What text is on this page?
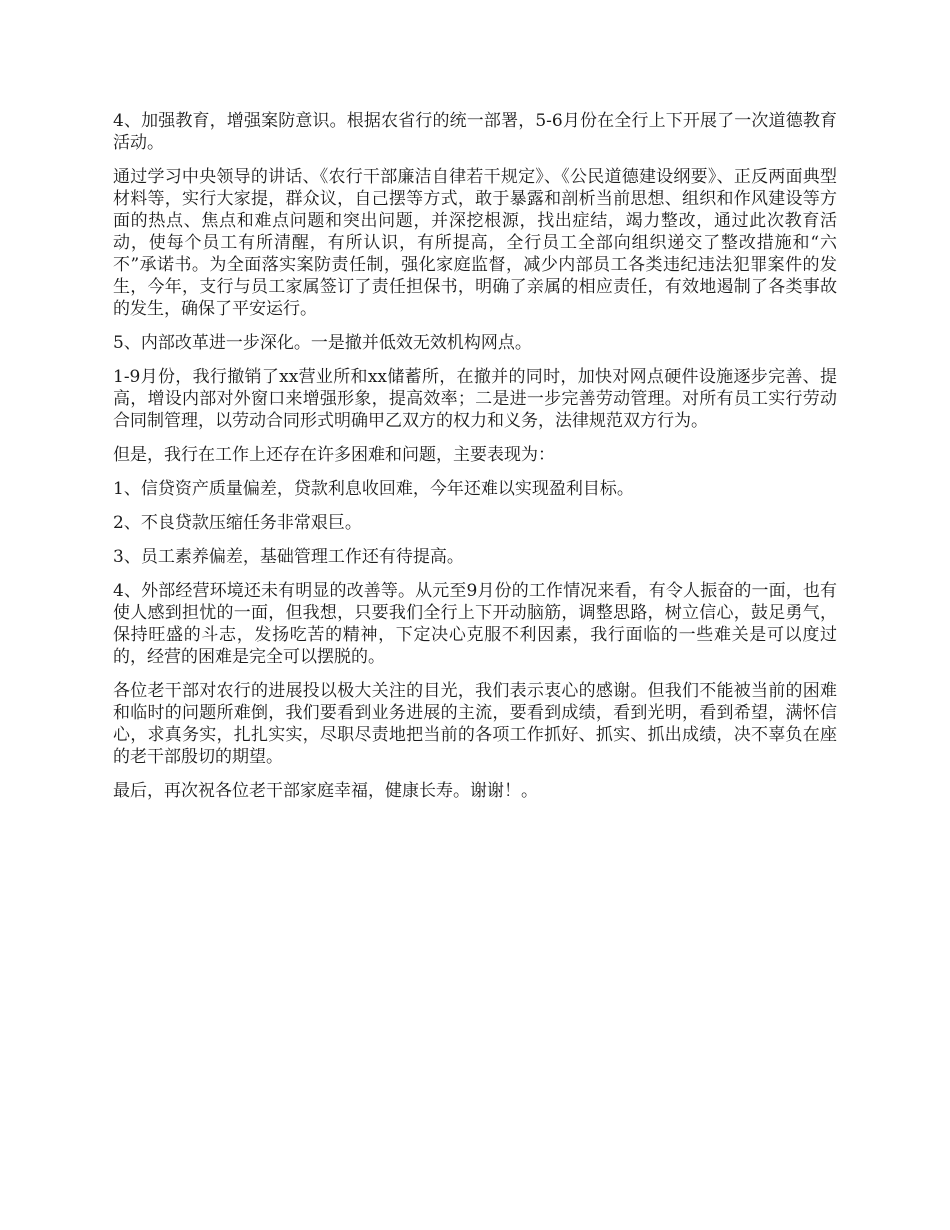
4、加强教育，增强案防意识。根据农省行的统一部署，5-6月份在全行上下开展了一次道德教育活动。

通过学习中央领导的讲话、《农行干部廉洁自律若干规定》、《公民道德建设纲要》、正反两面典型材料等，实行大家提，群众议，自己摆等方式，敢于暴露和剖析当前思想、组织和作风建设等方面的热点、焦点和难点问题和突出问题，并深挖根源，找出症结，竭力整改，通过此次教育活动，使每个员工有所清醒，有所认识，有所提高，全行员工全部向组织递交了整改措施和“六不”承诺书。为全面落实案防责任制，强化家庭监督，减少内部员工各类违纪违法犯罪案件的发生，今年，支行与员工家属签订了责任担保书，明确了亲属的相应责任，有效地遏制了各类事故的发生，确保了平安运行。

5、内部改革进一步深化。一是撤并低效无效机构网点。

1-9月份，我行撤销了xx营业所和xx储蓄所，在撤并的同时，加快对网点硬件设施逐步完善、提高，增设内部对外窗口来增强形象，提高效率；二是进一步完善劳动管理。对所有员工实行劳动合同制管理，以劳动合同形式明确甲乙双方的权力和义务，法律规范双方行为。

但是，我行在工作上还存在许多困难和问题，主要表现为：

1、信贷资产质量偏差，贷款利息收回难，今年还难以实现盈利目标。

2、不良贷款压缩任务非常艰巨。

3、员工素养偏差，基础管理工作还有待提高。

4、外部经营环境还未有明显的改善等。从元至9月份的工作情况来看，有令人振奋的一面，也有使人感到担忧的一面，但我想，只要我们全行上下开动脑筋，调整思路，树立信心，鼓足勇气，保持旺盛的斗志，发扬吃苦的精神，下定决心克服不利因素，我行面临的一些难关是可以度过的，经营的困难是完全可以摆脱的。

各位老干部对农行的进展投以极大关注的目光，我们表示衷心的感谢。但我们不能被当前的困难和临时的问题所难倒，我们要看到业务进展的主流，要看到成绩，看到光明，看到希望，满怀信心，求真务实，扎扎实实，尽职尽责地把当前的各项工作抓好、抓实、抓出成绩，决不辜负在座的老干部殷切的期望。

最后，再次祝各位老干部家庭幸福，健康长寿。谢谢！。
